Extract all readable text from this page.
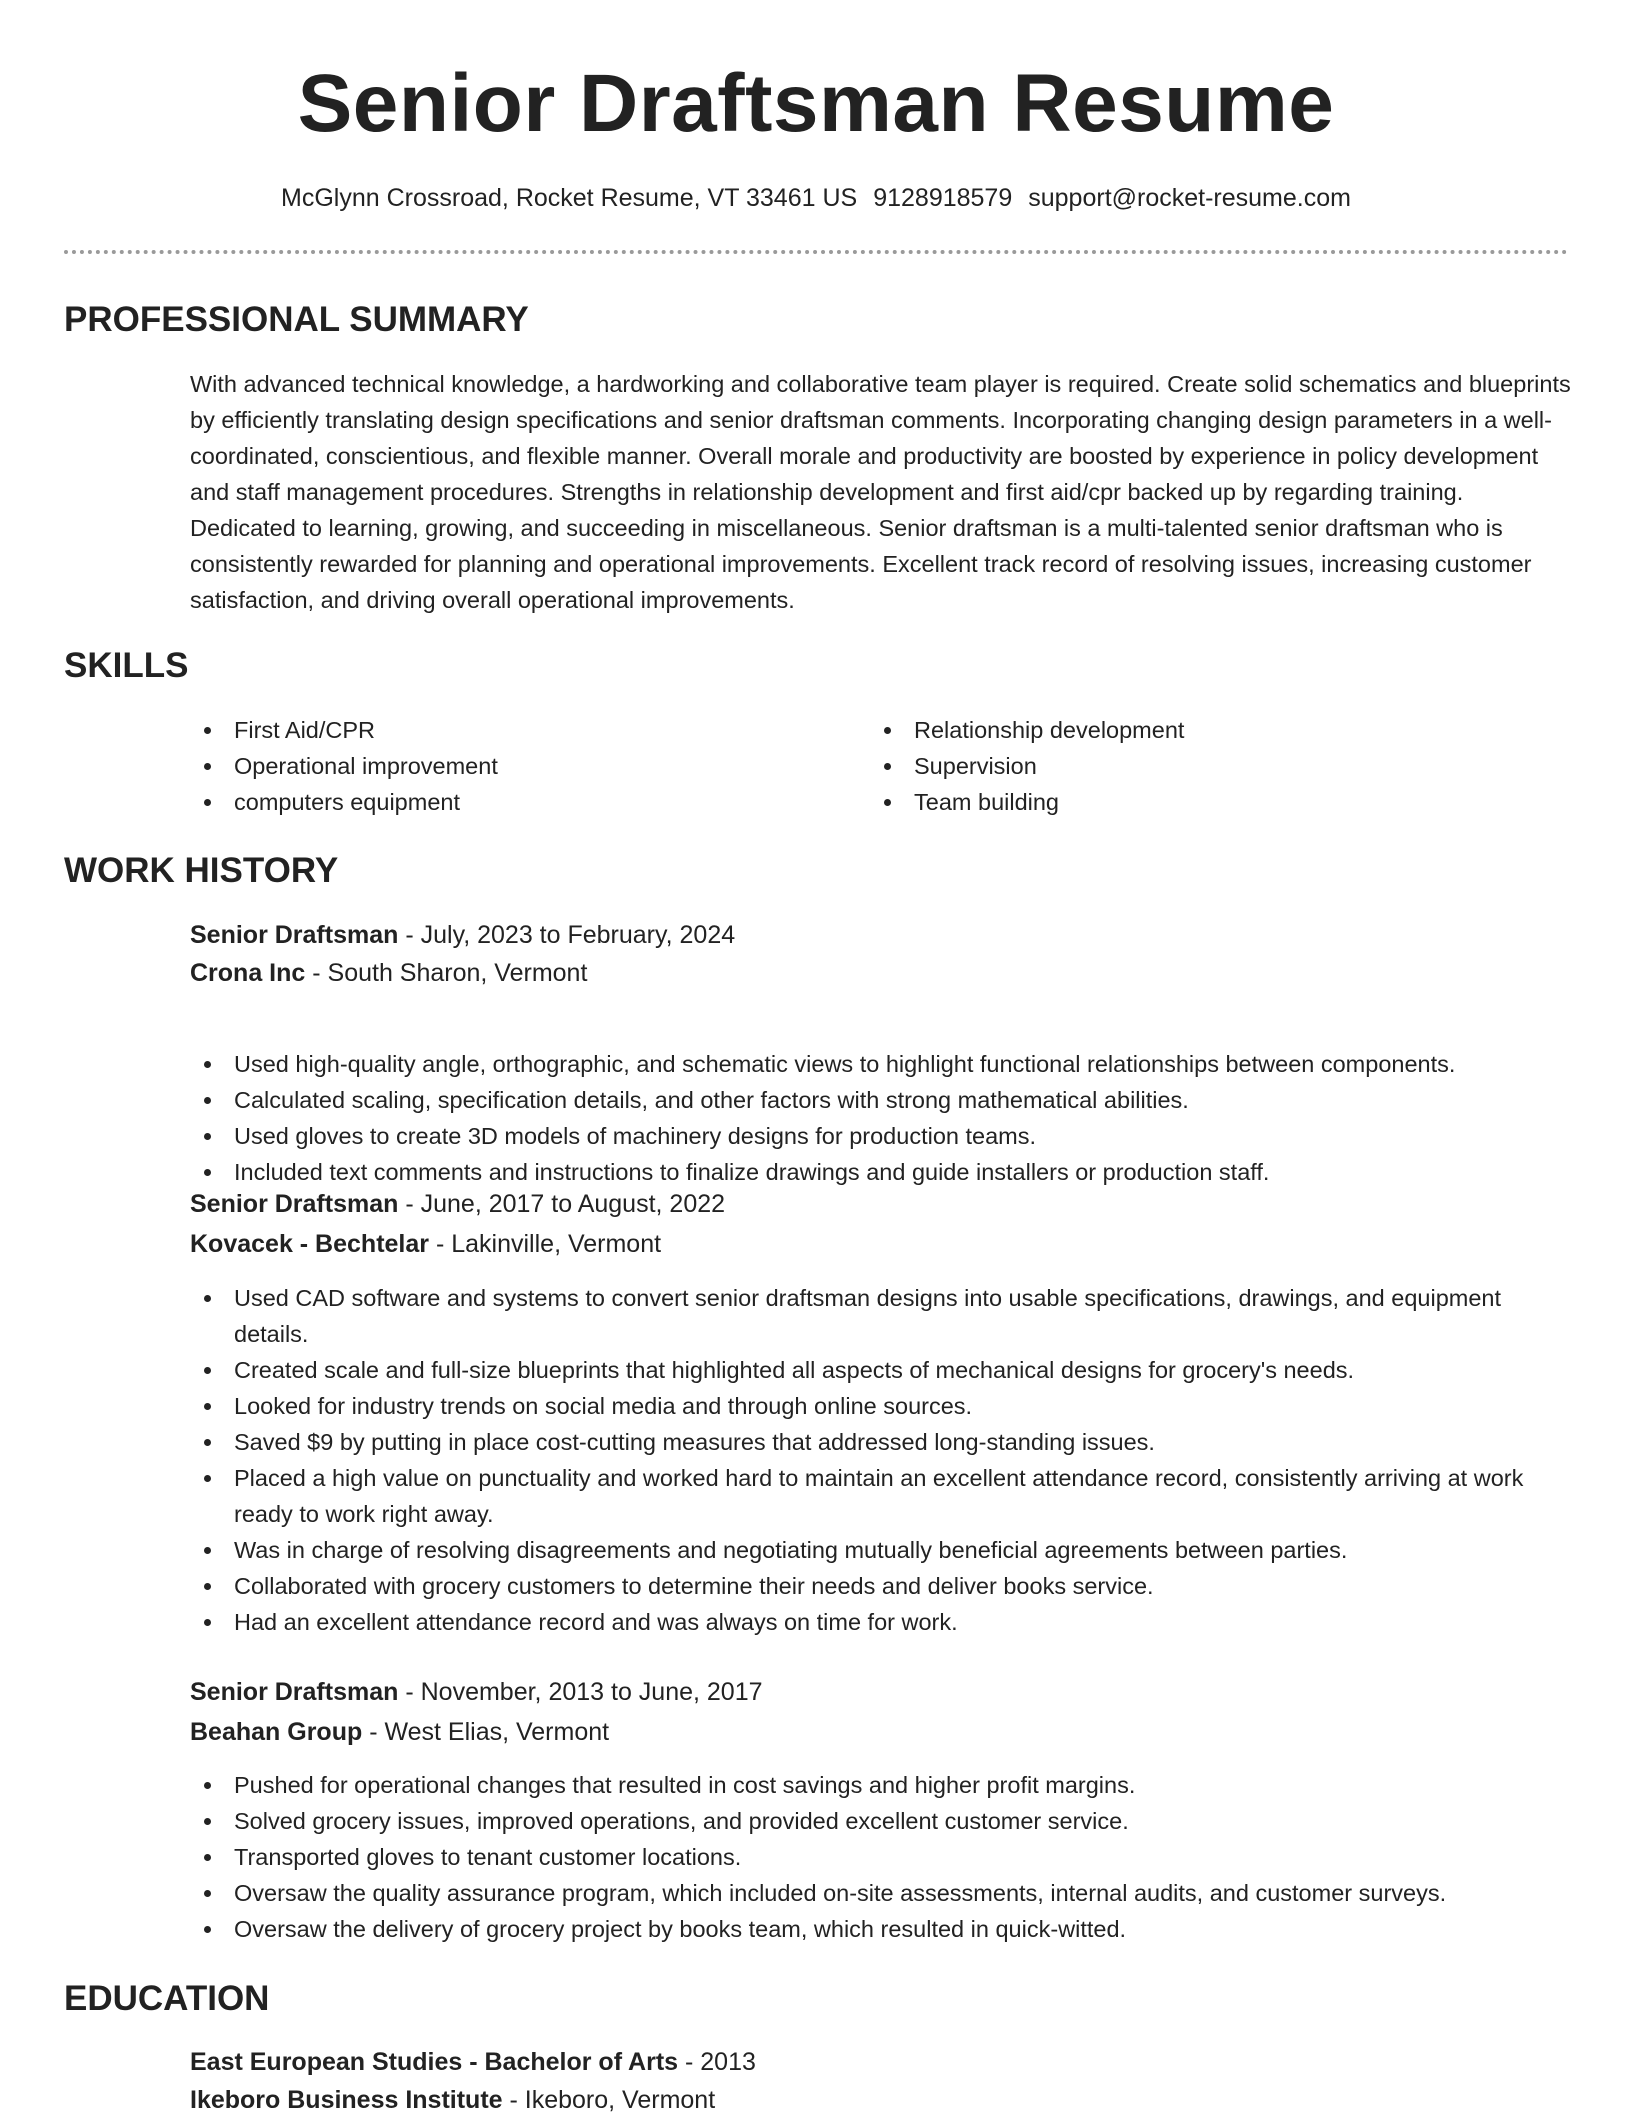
Senior Draftsman Resume
McGlynn Crossroad, Rocket Resume, VT 33461 US 9128918579 support@rocket-resume.com
PROFESSIONAL SUMMARY

With advanced technical knowledge, a hardworking and collaborative team player is required. Create solid schematics and blueprints by efficiently translating design specifications and senior draftsman comments. Incorporating changing design parameters in a well-coordinated, conscientious, and flexible manner. Overall morale and productivity are boosted by experience in policy development and staff management procedures. Strengths in relationship development and first aid/cpr backed up by regarding training. Dedicated to learning, growing, and succeeding in miscellaneous. Senior draftsman is a multi-talented senior draftsman who is consistently rewarded for planning and operational improvements. Excellent track record of resolving issues, increasing customer satisfaction, and driving overall operational improvements.

SKILLS
First Aid/CPR
Operational improvement
computers equipment
Relationship development
Supervision
Team building
WORK HISTORY
Senior Draftsman - July, 2023 to February, 2024
Crona Inc - South Sharon, Vermont
Used high-quality angle, orthographic, and schematic views to highlight functional relationships between components.
Calculated scaling, specification details, and other factors with strong mathematical abilities.
Used gloves to create 3D models of machinery designs for production teams.
Included text comments and instructions to finalize drawings and guide installers or production staff.
Senior Draftsman - June, 2017 to August, 2022
Kovacek - Bechtelar - Lakinville, Vermont
Used CAD software and systems to convert senior draftsman designs into usable specifications, drawings, and equipment details.
Created scale and full-size blueprints that highlighted all aspects of mechanical designs for grocery's needs.
Looked for industry trends on social media and through online sources.
Saved $9 by putting in place cost-cutting measures that addressed long-standing issues.
Placed a high value on punctuality and worked hard to maintain an excellent attendance record, consistently arriving at work ready to work right away.
Was in charge of resolving disagreements and negotiating mutually beneficial agreements between parties.
Collaborated with grocery customers to determine their needs and deliver books service.
Had an excellent attendance record and was always on time for work.
Senior Draftsman - November, 2013 to June, 2017
Beahan Group - West Elias, Vermont
Pushed for operational changes that resulted in cost savings and higher profit margins.
Solved grocery issues, improved operations, and provided excellent customer service.
Transported gloves to tenant customer locations.
Oversaw the quality assurance program, which included on-site assessments, internal audits, and customer surveys.
Oversaw the delivery of grocery project by books team, which resulted in quick-witted.
EDUCATION
East European Studies - Bachelor of Arts - 2013
Ikeboro Business Institute - Ikeboro, Vermont
